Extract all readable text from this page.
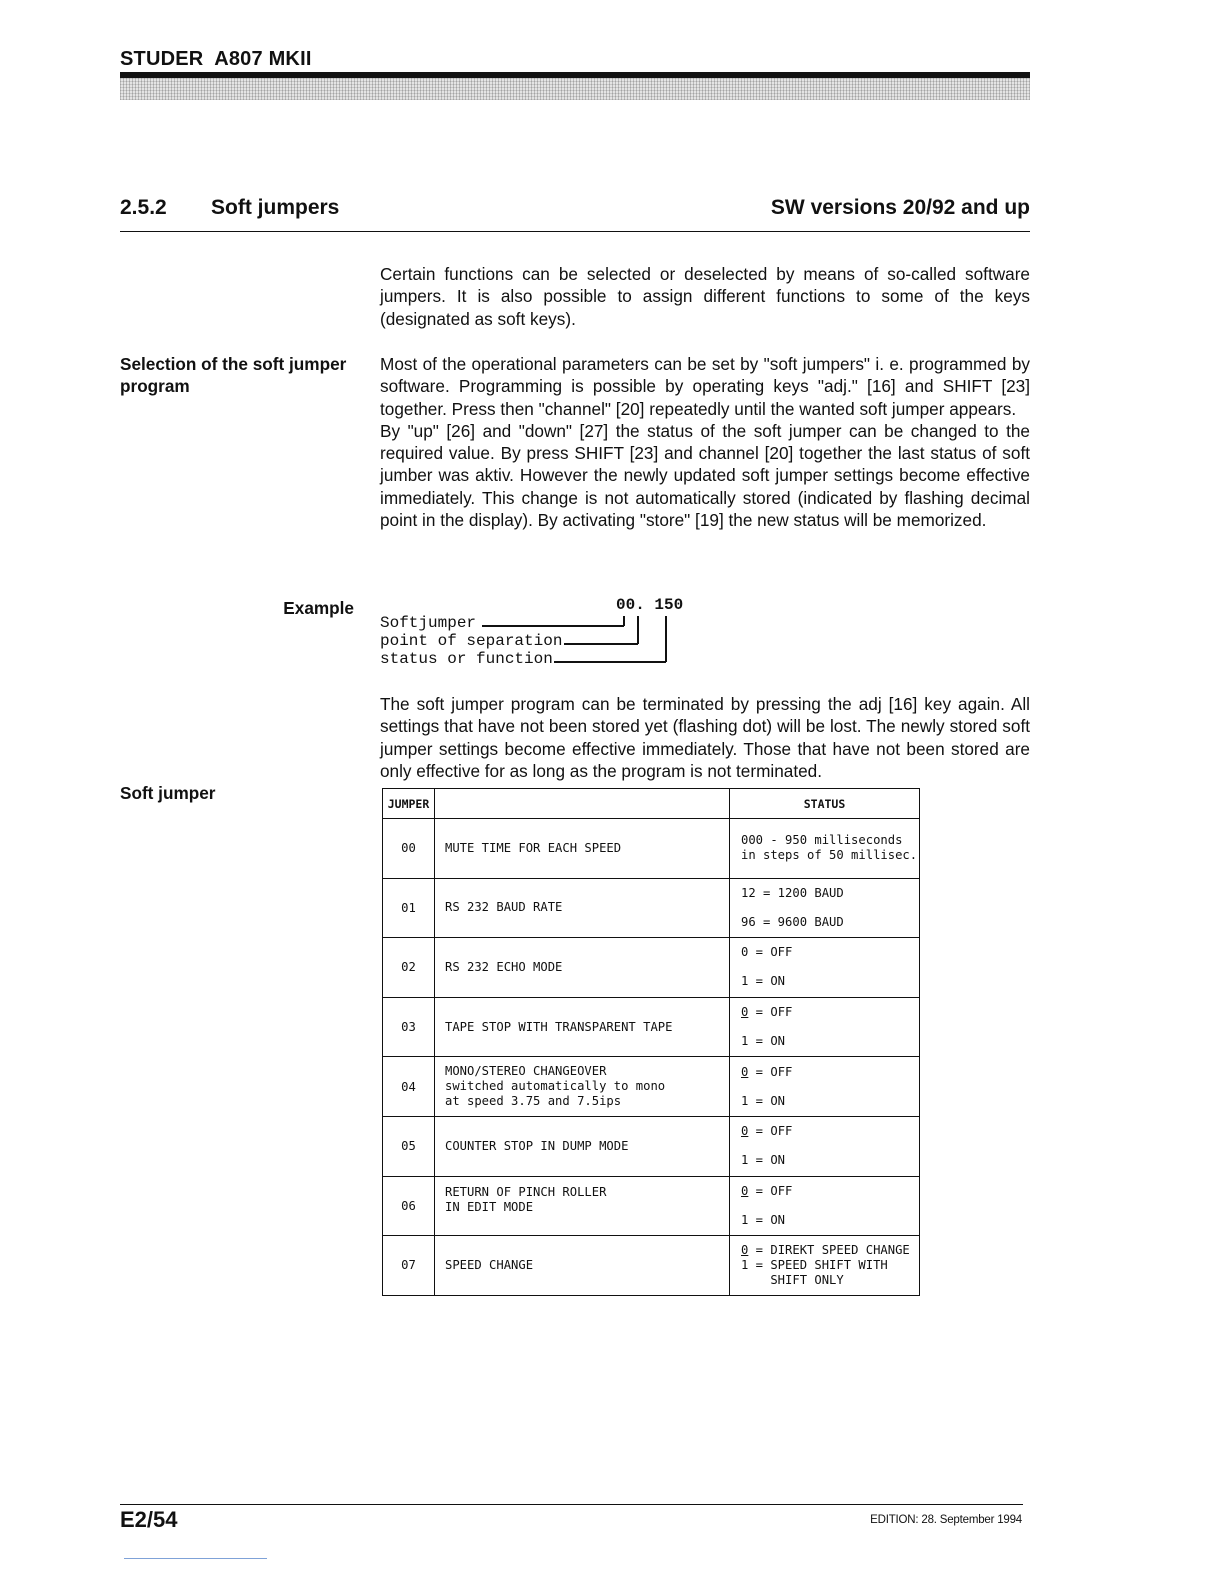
STUDER  A807 MKII
2.5.2 Soft jumpers	SW versions 20/92 and up
Certain functions can be selected or deselected by means of so-called software jumpers. It is also possible to assign different functions to some of the keys (designated as soft keys).
Selection of the soft jumper program
Most of the operational parameters can be set by "soft jumpers" i. e. programmed by software. Programming is possible by operating keys "adj." [16] and SHIFT [23] together. Press then "channel" [20] repeatedly until the wanted soft jumper appears.
By "up" [26] and "down" [27] the status of the soft jumper can be changed to the required value. By press SHIFT [23] and channel [20] together the last status of soft jumber was aktiv. However the newly updated soft jumper settings become effective immediately. This change is not automatically stored (indicated by flashing decimal point in the display). By activating "store" [19] the new status will be memorized.
Example	00. 150
Softjumper
point of separation
status or function
The soft jumper program can be terminated by pressing the adj [16] key again. All settings that have not been stored yet (flashing dot) will be lost. The newly stored soft jumper settings become effective immediately. Those that have not been stored are only effective for as long as the program is not terminated.
Soft jumper
JUMPER		STATUS
00	MUTE TIME FOR EACH SPEED	000 - 950 milliseconds
in steps of 50 millisec.

01	RS 232 BAUD RATE	12 = 1200 BAUD
96 = 9600 BAUD

02	RS 232 ECHO MODE	0 = OFF
1 = ON

03	TAPE STOP WITH TRANSPARENT TAPE	0 = OFF
1 = ON

04	MONO/STEREO CHANGEOVER
switched automatically to mono
at speed 3.75 and 7.5ips	0 = OFF
1 = ON

05	COUNTER STOP IN DUMP MODE	0 = OFF
1 = ON

06	RETURN OF PINCH ROLLER
IN EDIT MODE	0 = OFF
1 = ON

07	SPEED CHANGE	0 = DIREKT SPEED CHANGE
1 = SPEED SHIFT WITH
SHIFT ONLY
E2/54	EDITION: 28. September 1994
